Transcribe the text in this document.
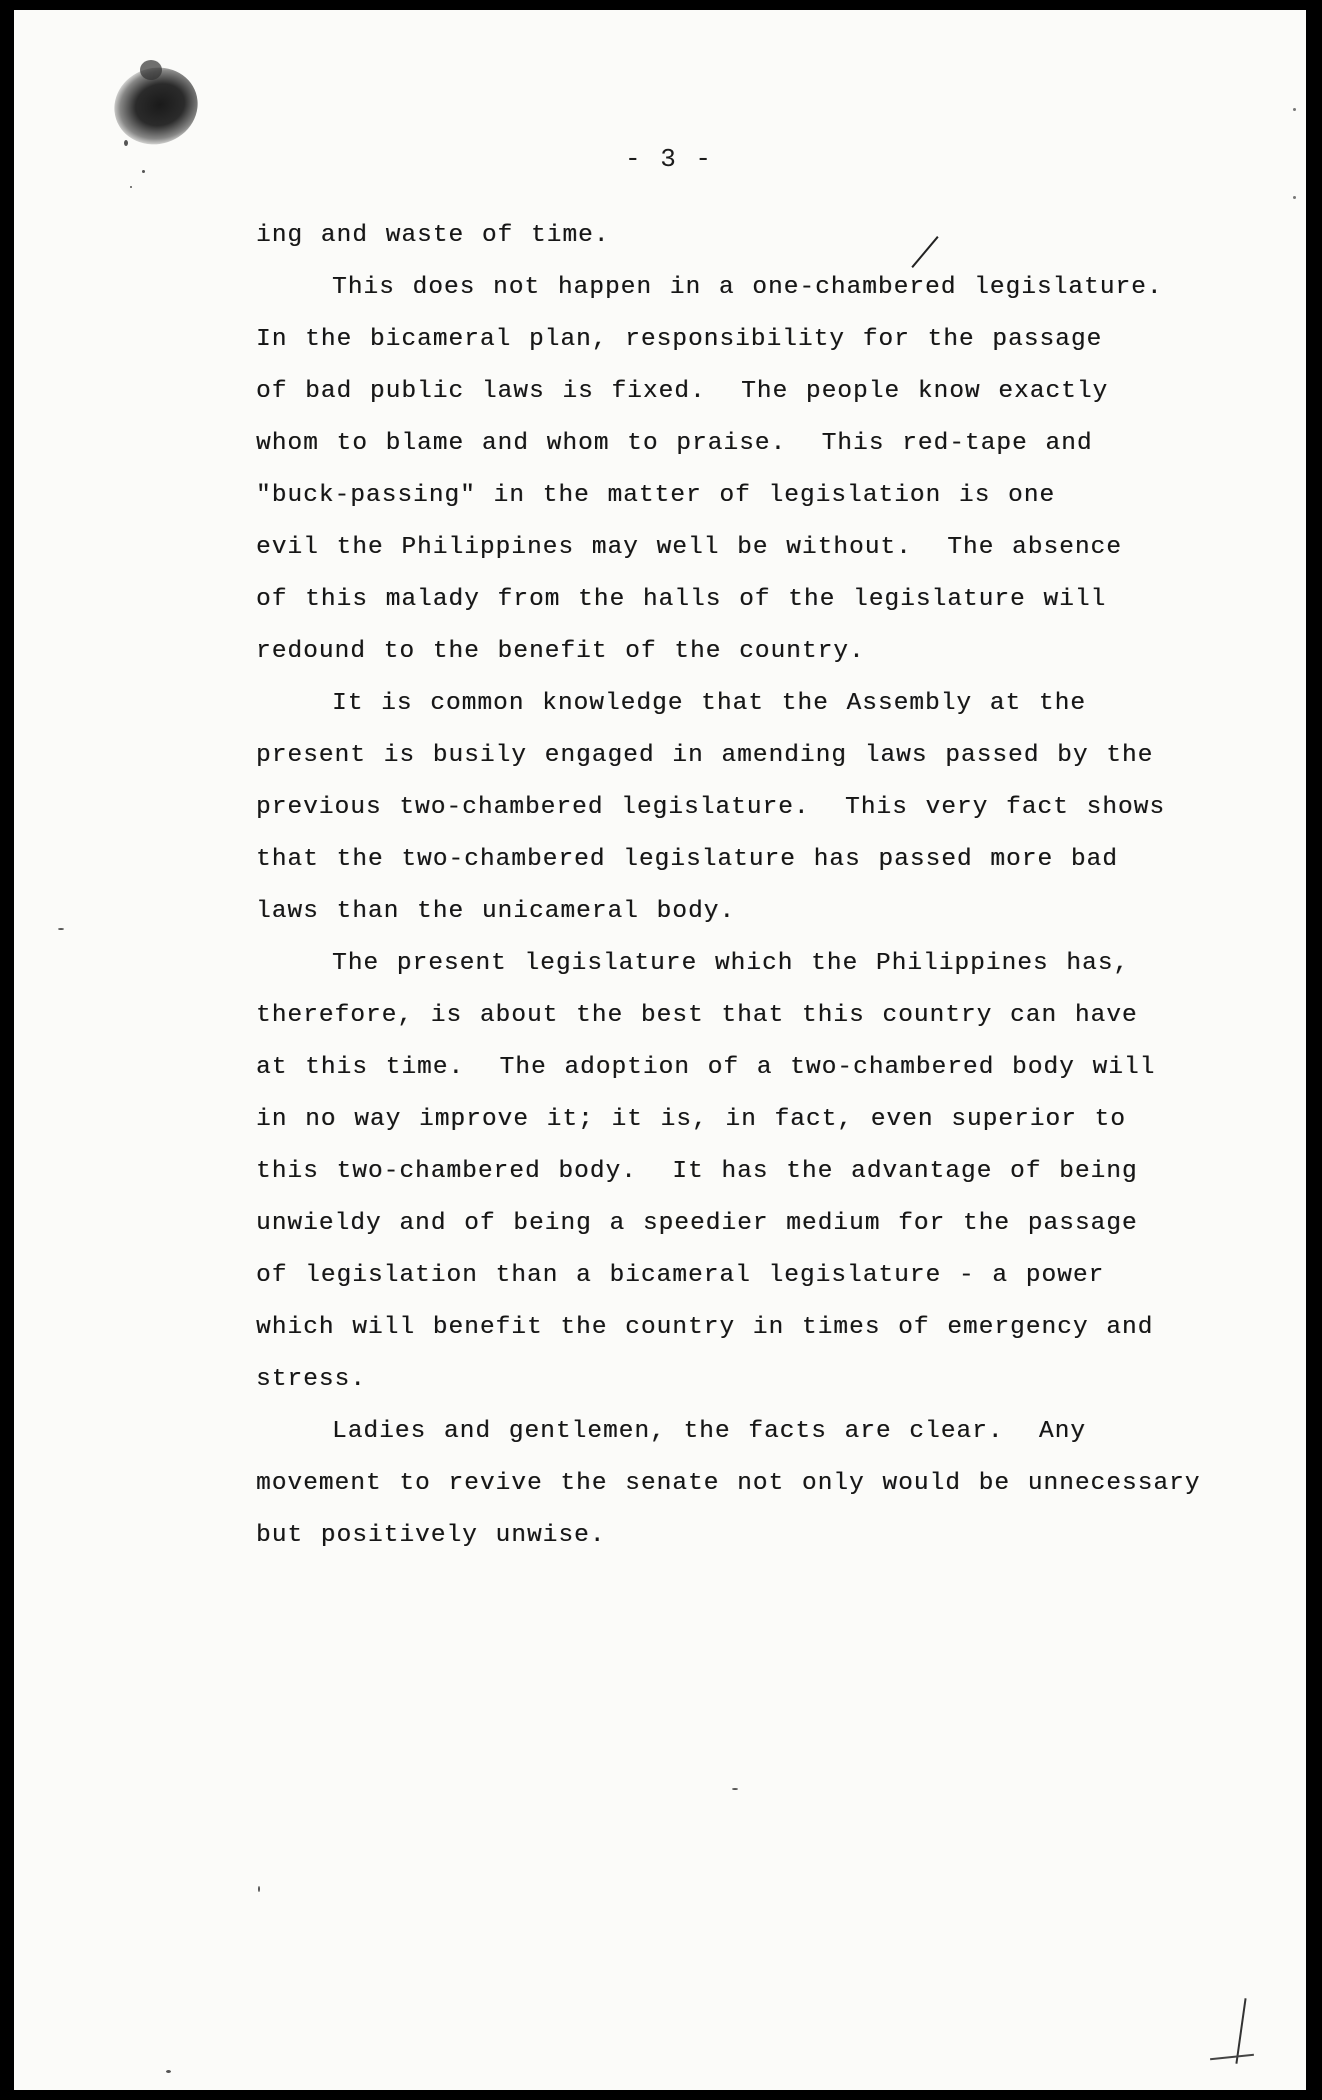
- 3 -
ing and waste of time.
This does not happen in a one-chambered legislature.
In the bicameral plan, responsibility for the passage
of bad public laws is fixed.  The people know exactly
whom to blame and whom to praise.  This red-tape and
"buck-passing" in the matter of legislation is one
evil the Philippines may well be without.  The absence
of this malady from the halls of the legislature will
redound to the benefit of the country.
It is common knowledge that the Assembly at the
present is busily engaged in amending laws passed by the
previous two-chambered legislature.  This very fact shows
that the two-chambered legislature has passed more bad
laws than the unicameral body.
The present legislature which the Philippines has,
therefore, is about the best that this country can have
at this time.  The adoption of a two-chambered body will
in no way improve it; it is, in fact, even superior to
this two-chambered body.  It has the advantage of being
unwieldy and of being a speedier medium for the passage
of legislation than a bicameral legislature - a power
which will benefit the country in times of emergency and
stress.
Ladies and gentlemen, the facts are clear.  Any
movement to revive the senate not only would be unnecessary
but positively unwise.
